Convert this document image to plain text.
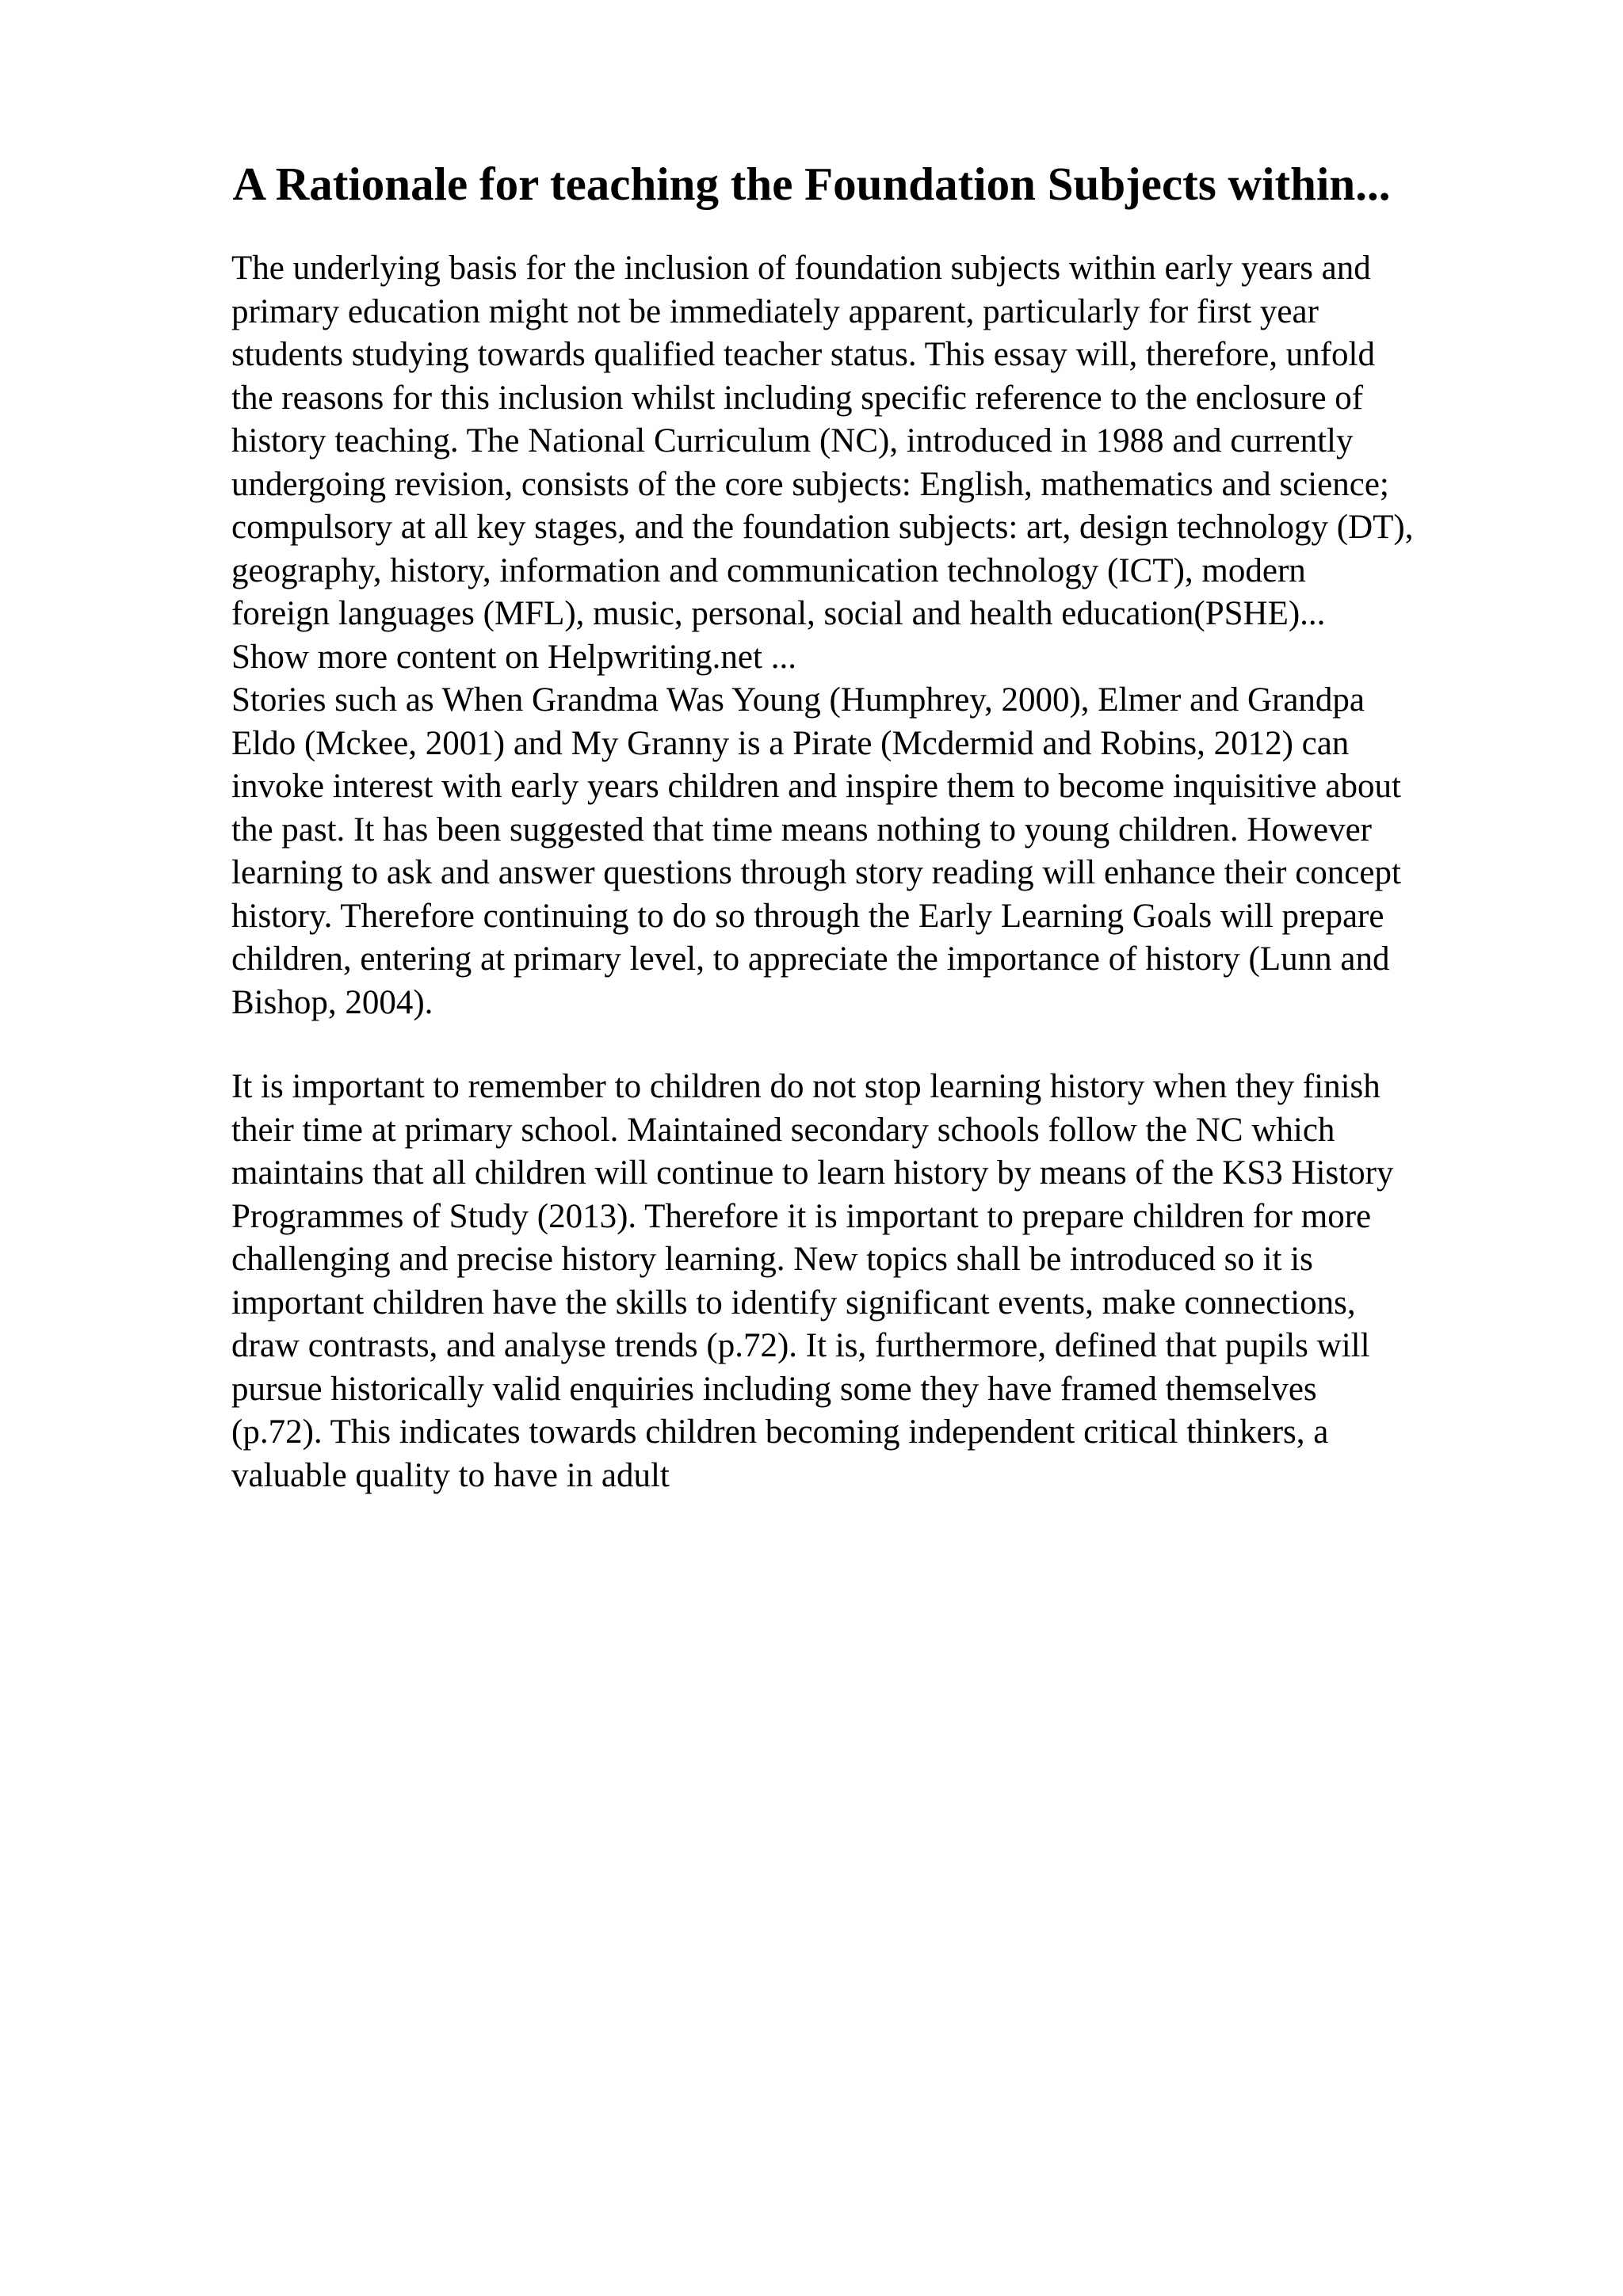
A Rationale for teaching the Foundation Subjects within...
The underlying basis for the inclusion of foundation subjects within early years and
primary education might not be immediately apparent, particularly for first year
students studying towards qualified teacher status. This essay will, therefore, unfold
the reasons for this inclusion whilst including specific reference to the enclosure of
history teaching. The National Curriculum (NC), introduced in 1988 and currently
undergoing revision, consists of the core subjects: English, mathematics and science;
compulsory at all key stages, and the foundation subjects: art, design technology (DT),
geography, history, information and communication technology (ICT), modern
foreign languages (MFL), music, personal, social and health education(PSHE)...
Show more content on Helpwriting.net ...
Stories such as When Grandma Was Young (Humphrey, 2000), Elmer and Grandpa
Eldo (Mckee, 2001) and My Granny is a Pirate (Mcdermid and Robins, 2012) can
invoke interest with early years children and inspire them to become inquisitive about
the past. It has been suggested that time means nothing to young children. However
learning to ask and answer questions through story reading will enhance their concept
history. Therefore continuing to do so through the Early Learning Goals will prepare
children, entering at primary level, to appreciate the importance of history (Lunn and
Bishop, 2004).
It is important to remember to children do not stop learning history when they finish
their time at primary school. Maintained secondary schools follow the NC which
maintains that all children will continue to learn history by means of the KS3 History
Programmes of Study (2013). Therefore it is important to prepare children for more
challenging and precise history learning. New topics shall be introduced so it is
important children have the skills to identify significant events, make connections,
draw contrasts, and analyse trends (p.72). It is, furthermore, defined that pupils will
pursue historically valid enquiries including some they have framed themselves
(p.72). This indicates towards children becoming independent critical thinkers, a
valuable quality to have in adult
